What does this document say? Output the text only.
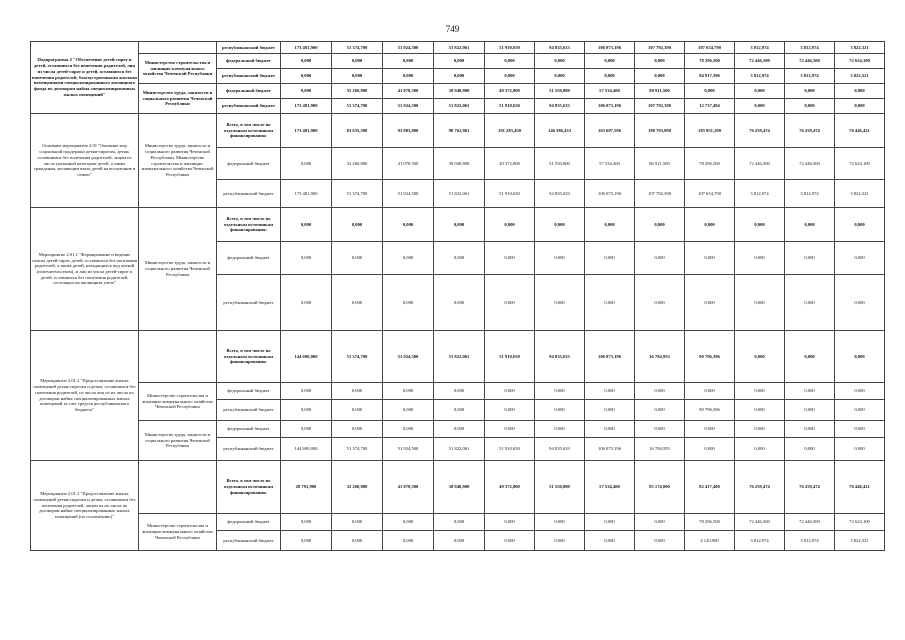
749
Подпрограмма 2 "Обеспечение детей-сирот и детей, оставшихся без попечения родителей, лиц из числа детей-сирот и детей, оставшихся без попечения родителей, благоустроенными жилыми помещениями специализированного жилищного фонда по договорам найма специализированных жилых помещений"		республиканский бюджет	173 481,900	51 374,700	51 924,500	51 822,061	51 910,650	94 835,633	106 073,196	107 792,390	107 654,790	3 812,974	3 812,974	3 822,321
	Министерство строительства и жилищно-коммунального хозяйства Чеченской Республики	федеральный бюджет	0,000	0,000	0,000	0,000	0,000	0,000	0,000	0,000	78 296,500	72 446,500	72 446,500	72 624,100
		республиканский бюджет	0,000	0,000	0,000	0,000	0,000	0,000	0,000	0,000	94 917,396	3 812,974	3 812,974	3 822,321
	Министерство труда, занятости и социального развития Чеченской Республики	федеральный бюджет	0,000	35 260,800	41 078,500	38 940,800	49 372,800	51 550,800	57 534,400	80 911,500	0,000	0,000	0,000	0,000
		республиканский бюджет	173 481,900	51 374,700	51 924,500	51 822,061	51 910,650	94 835,633	106 073,196	107 792,390	12 737,494	0,000	0,000	0,000
Основное мероприятие 2.01 "Оказание мер социальной поддержки детям-сиротам, детям, оставшимся без попечения родителей, лицам из числа указанной категории детей, а также гражданам, желающим взять детей на воспитание в семью"	Министерство труда, занятости и социального развития Чеченской Республики, Министерство строительства и жилищно-коммунального хозяйства Чеченской Республики	Всего, в том числе по отдельным источникам финансирования:	173 481,900	83 635,500	93 003,000	90 762,861	101 283,450	146 386,433	163 607,596	188 703,890	185 951,290	76 259,474	76 259,474	76 446,421
		федеральный бюджет	0,000	32 260,800	41 078,500	38 940,800	49 372,800	51 550,800	57 534,400	80 911,500	78 296,500	72 446,500	72 446,500	72 624,100
		республиканский бюджет	173 481,900	51 374,700	51 924,500	51 822,061	51 910,650	94 835,633	106 073,196	107 792,390	107 654,790	3 812,974	3 812,974	3 822,321
Мероприятие 2.01.1 "Формирование и ведение списка детей-сирот, детей, оставшихся без попечения родителей, а также детей, находящихся под опекой (попечительством), и лиц из числа детей-сирот и детей, оставшихся без попечения родителей, состоящих на жилищном учете"	Министерство труда, занятости и социального развития Чеченской Республики	Всего, в том числе по отдельным источникам финансирования:	0,000	0,000	0,000	0,000	0,000	0,000	0,000	0,000	0,000	0,000	0,000	0,000
		федеральный бюджет	0,000	0,000	0,000	0,000	0,000	0,000	0,000	0,000	0,000	0,000	0,000	0,000
		республиканский бюджет	0,000	0,000	0,000	0,000	0,000	0,000	0,000	0,000	0,000	0,000	0,000	0,000
Мероприятие 2.01.2 "Предоставление жилых помещений детям-сиротам и детям, оставшимся без попечения родителей, из числа лиц из их числа по договорам найма специализированных жилых помещений за счет средств республиканского бюджета"		Всего, в том числе по отдельным источникам финансирования:	144 690,000	51 374,700	51 924,500	51 822,061	51 910,650	94 835,633	106 073,196	16 784,955	90 796,396	0,000	0,000	0,000
	Министерство строительства и жилищно-коммунального хозяйства Чеченской Республики	федеральный бюджет	0,000	0,000	0,000	0,000	0,000	0,000	0,000	0,000	0,000	0,000	0,000	0,000
		республиканский бюджет	0,000	0,000	0,000	0,000	0,000	0,000	0,000	0,000	90 796,396	0,000	0,000	0,000
	Министерство труда, занятости и социального развития Чеченской Республики	федеральный бюджет	0,000	0,000	0,000	0,000	0,000	0,000	0,000	0,000	0,000	0,000	0,000	0,000
		республиканский бюджет	144 690,000	51 374,700	51 924,500	51 822,061	51 910,650	94 835,633	106 073,196	16 784,955	0,000	0,000	0,000	0,000
Мероприятие 2.01.2 "Предоставление жилых помещений детям-сиротам и детям, оставшимся без попечения родителей, лицам из их числа по договорам найма специализированных жилых помещений (по соглашению)"		Всего, в том числе по отдельным источникам финансирования:	28 791,900	32 260,800	41 078,500	38 940,800	49 372,800	51 550,800	57 534,400	85 174,000	82 417,400	76 259,474	76 259,474	76 446,421
	Министерство строительства и жилищно-коммунального хозяйства Чеченской Республики	федеральный бюджет	0,000	0,000	0,000	0,000	0,000	0,000	0,000	0,000	78 296,500	72 446,500	72 446,500	72 624,100
		республиканский бюджет	0,000	0,000	0,000	0,000	0,000	0,000	0,000	0,000	4 120,900	3 812,974	3 812,974	3 822,321
